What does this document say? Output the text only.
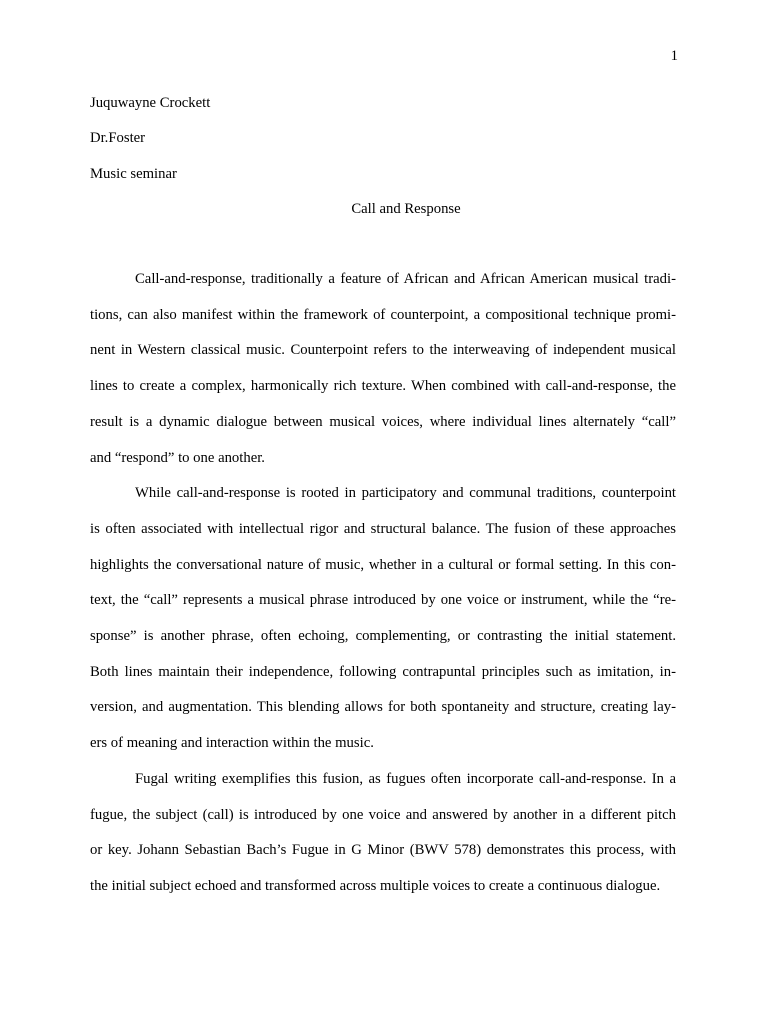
1

Juquwayne Crockett

Dr.Foster

Music seminar

Call and Response
Call-and-response, traditionally a feature of African and African American musical tradi-
tions, can also manifest within the framework of counterpoint, a compositional technique promi-
nent in Western classical music. Counterpoint refers to the interweaving of independent musical
lines to create a complex, harmonically rich texture. When combined with call-and-response, the
result is a dynamic dialogue between musical voices, where individual lines alternately “call”
and “respond” to one another.
While call-and-response is rooted in participatory and communal traditions, counterpoint
is often associated with intellectual rigor and structural balance. The fusion of these approaches
highlights the conversational nature of music, whether in a cultural or formal setting. In this con-
text, the “call” represents a musical phrase introduced by one voice or instrument, while the “re-
sponse” is another phrase, often echoing, complementing, or contrasting the initial statement.
Both lines maintain their independence, following contrapuntal principles such as imitation, in-
version, and augmentation. This blending allows for both spontaneity and structure, creating lay-
ers of meaning and interaction within the music.
Fugal writing exemplifies this fusion, as fugues often incorporate call-and-response. In a
fugue, the subject (call) is introduced by one voice and answered by another in a different pitch
or key. Johann Sebastian Bach’s Fugue in G Minor (BWV 578) demonstrates this process, with
the initial subject echoed and transformed across multiple voices to create a continuous dialogue.
